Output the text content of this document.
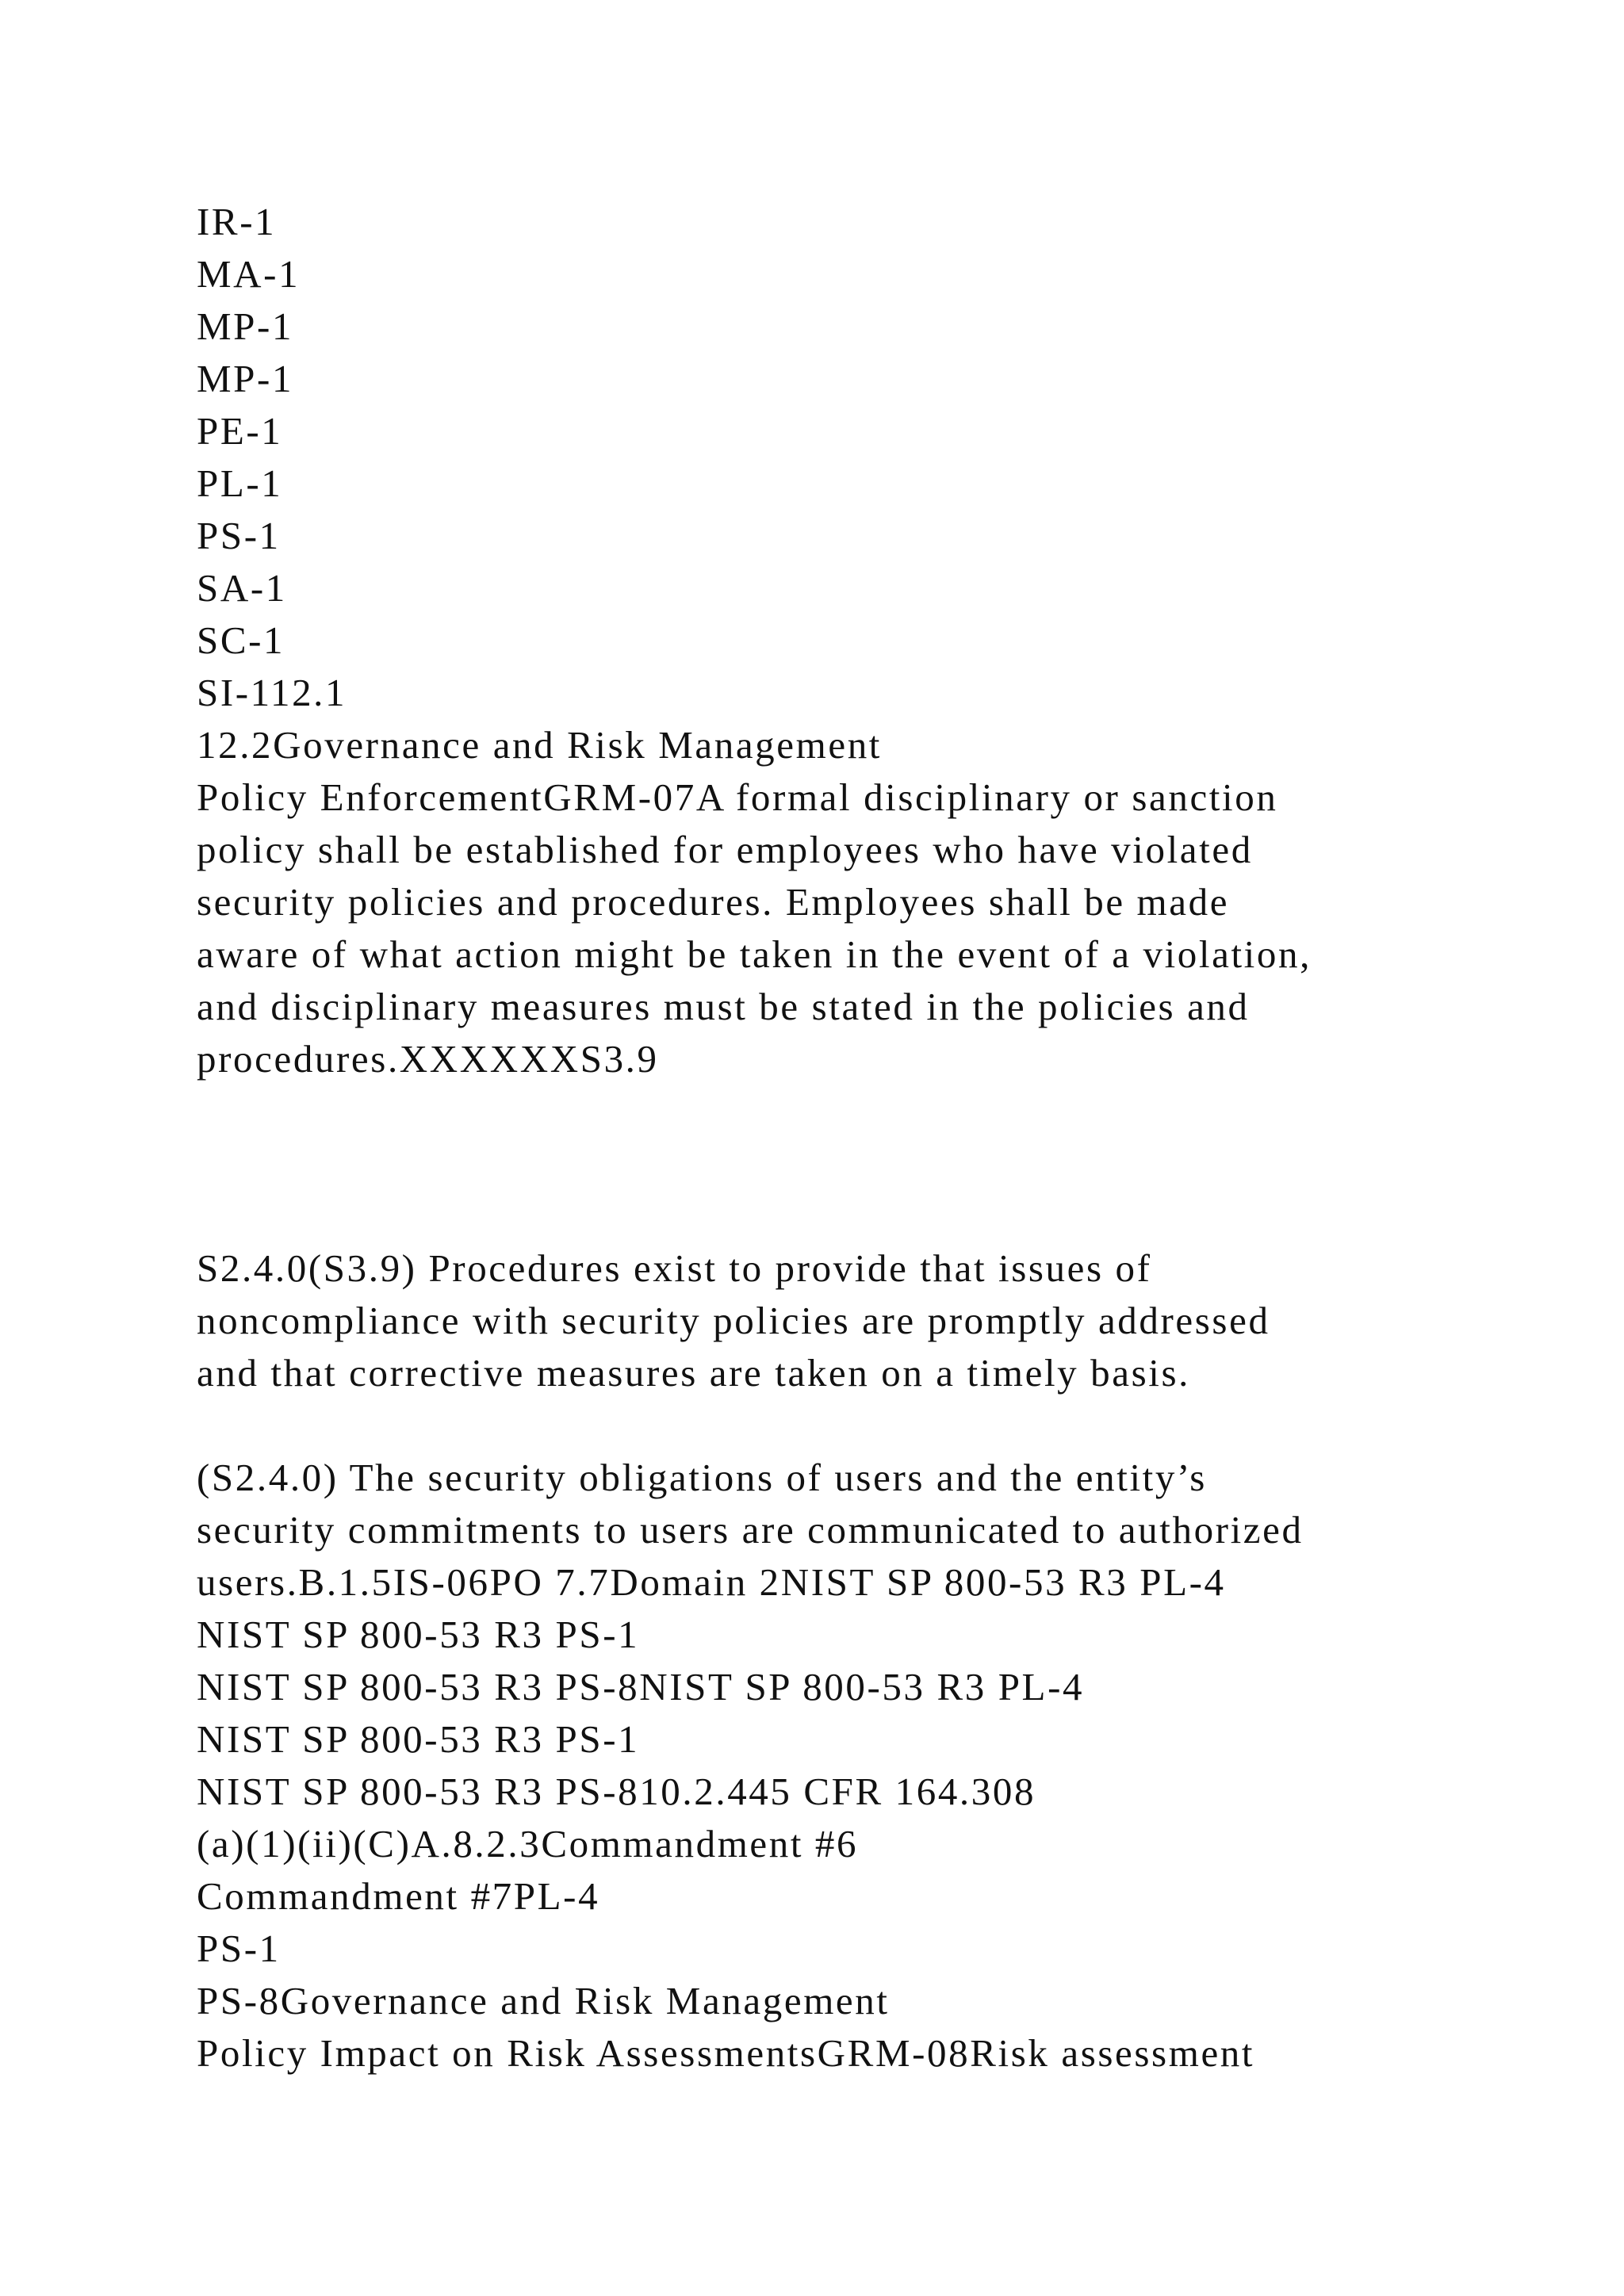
IR-1

MA-1

MP-1

MP-1

PE-1

PL-1

PS-1

SA-1

SC-1

SI-112.1

12.2Governance and Risk Management

Policy EnforcementGRM-07A formal disciplinary or sanction

policy shall be established for employees who have violated

security policies and procedures. Employees shall be made

aware of what action might be taken in the event of a violation,

and disciplinary measures must be stated in the policies and

procedures.XXXXXXS3.9

S2.4.0(S3.9) Procedures exist to provide that issues of

noncompliance with security policies are promptly addressed

and that corrective measures are taken on a timely basis.

(S2.4.0) The security obligations of users and the entity’s

security commitments to users are communicated to authorized

users.B.1.5IS-06PO 7.7Domain 2NIST SP 800-53 R3 PL-4

NIST SP 800-53 R3 PS-1

NIST SP 800-53 R3 PS-8NIST SP 800-53 R3 PL-4

NIST SP 800-53 R3 PS-1

NIST SP 800-53 R3 PS-810.2.445 CFR 164.308

(a)(1)(ii)(C)A.8.2.3Commandment #6

Commandment #7PL-4

PS-1

PS-8Governance and Risk Management

Policy Impact on Risk AssessmentsGRM-08Risk assessment
